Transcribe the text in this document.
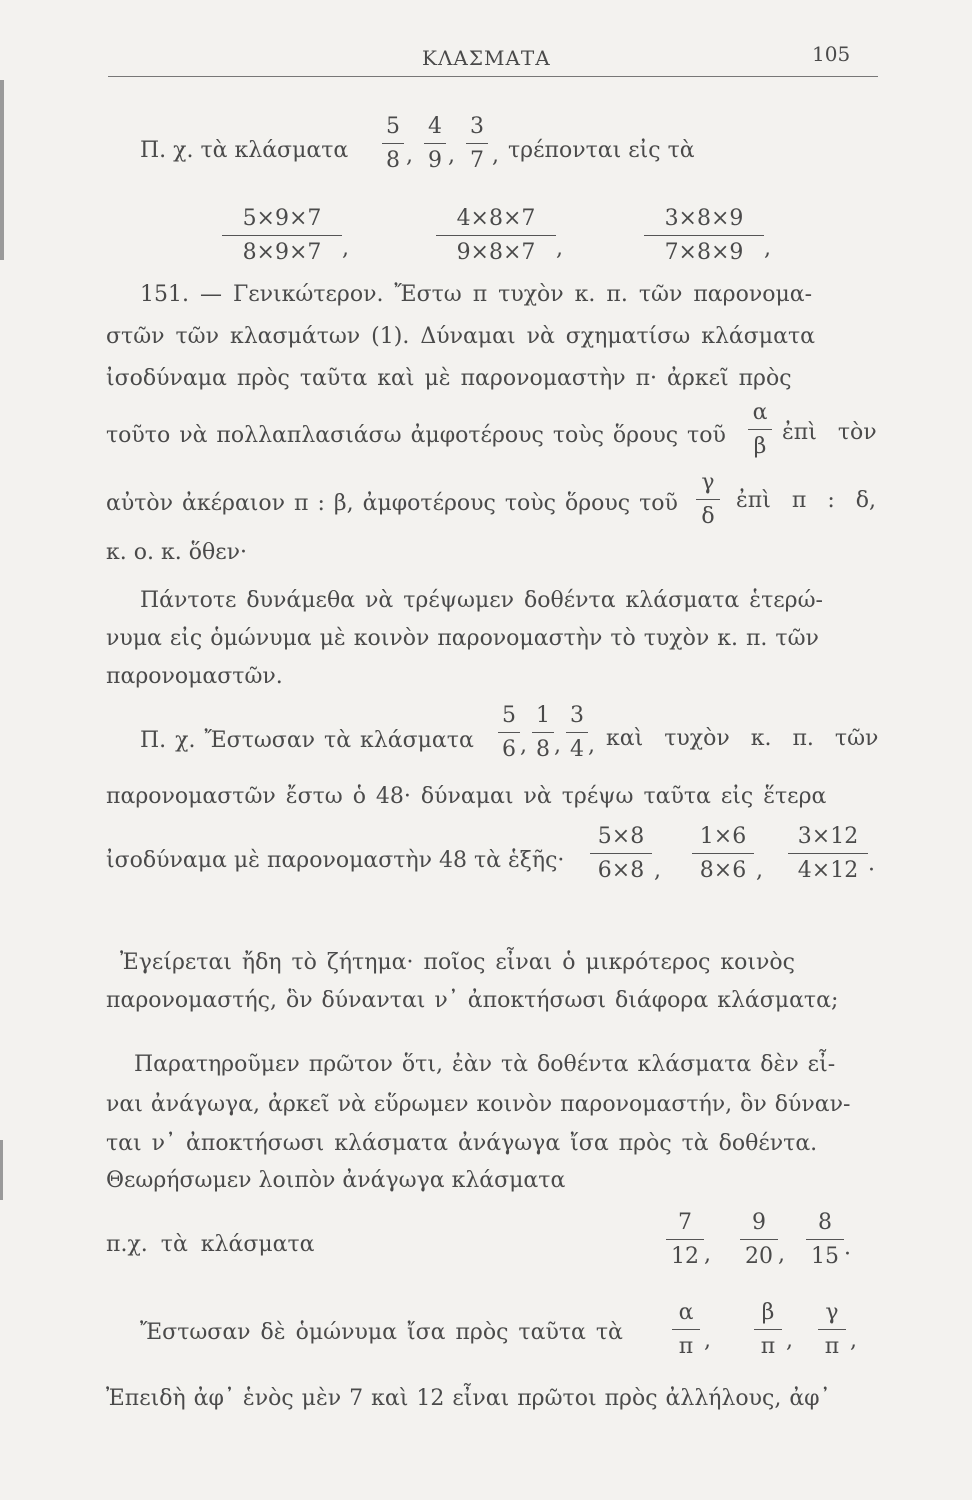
ΚΛΑΣΜΑΤΑ	105
Π. χ. τὰ κλάσματα
5
8 ,
4
9 ,
3
7 , τρέπονται εἰς τὰ
5×9×7
8×9×7 ,
4×8×7
9×8×7 ,
3×8×9
7×8×9 ,
151. — Γενικώτερον. Ἔστω π τυχὸν κ. π. τῶν παρονομα-
στῶν τῶν κλασμάτων (1). Δύναμαι νὰ σχηματίσω κλάσματα
ἰσοδύναμα πρὸς ταῦτα καὶ μὲ παρονομαστὴν π· ἀρκεῖ πρὸς
τοῦτο νὰ πολλαπλασιάσω ἀμφοτέρους τοὺς ὅρους τοῦ
α
β
ἐπὶ τὸν
αὐτὸν ἀκέραιον π : β, ἀμφοτέρους τοὺς ὅρους τοῦ
γ
δ
ἐπὶ π : δ,
κ. ο. κ. ὅθεν·
Πάντοτε δυνάμεθα νὰ τρέψωμεν δοθέντα κλάσματα ἑτερώ-
νυμα εἰς ὁμώνυμα μὲ κοινὸν παρονομαστὴν τὸ τυχὸν κ. π. τῶν
παρονομαστῶν.
Π. χ. Ἔστωσαν τὰ κλάσματα
5
6 ,
1
8 ,
3
4 , καὶ τυχὸν κ. π. τῶν
παρονομαστῶν ἔστω ὁ 48· δύναμαι νὰ τρέψω ταῦτα εἰς ἕτερα
ἰσοδύναμα μὲ παρονομαστὴν 48 τὰ ἑξῆς·
5×8
6×8 ,
1×6
8×6 ,
3×12
4×12 ·
Ἐγείρεται ἤδη τὸ ζήτημα· ποῖος εἶναι ὁ μικρότερος κοινὸς
παρονομαστής, ὃν δύνανται ν᾽ ἀποκτήσωσι διάφορα κλάσματα;
Παρατηροῦμεν πρῶτον ὅτι, ἐὰν τὰ δοθέντα κλάσματα δὲν εἶ-
ναι ἀνάγωγα, ἀρκεῖ νὰ εὕρωμεν κοινὸν παρονομαστήν, ὃν δύναν-
ται ν᾽ ἀποκτήσωσι κλάσματα ἀνάγωγα ἴσα πρὸς τὰ δοθέντα.
Θεωρήσωμεν λοιπὸν ἀνάγωγα κλάσματα
π.χ. τὰ κλάσματα
7
12 ,
9
20 ,
8
15 ·
Ἔστωσαν δὲ ὁμώνυμα ἴσα πρὸς ταῦτα τὰ
α
π ,
β
π ,
γ
π ,
Ἐπειδὴ ἀφ᾽ ἑνὸς μὲν 7 καὶ 12 εἶναι πρῶτοι πρὸς ἀλλήλους, ἀφ᾽
